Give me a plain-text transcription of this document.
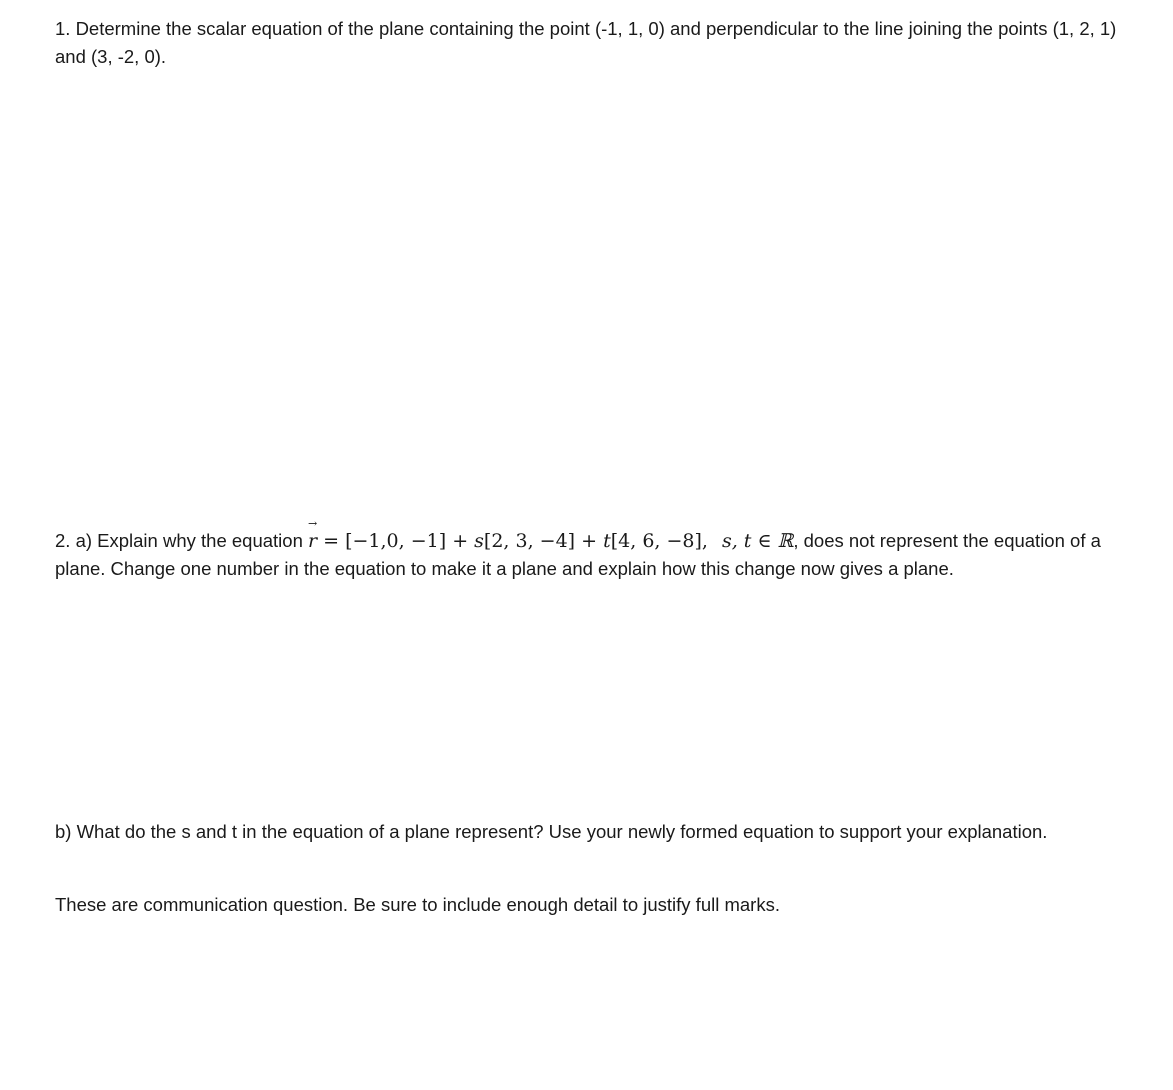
1. Determine the scalar equation of the plane containing the point (-1, 1, 0) and perpendicular to the line joining the points (1, 2, 1) and (3, -2, 0).
2. a) Explain why the equation r
→
= [−1,0, −1] + s[2, 3, −4] + t[4, 6, −8], s, t ∈ ℝ, does not represent the equation of a plane. Change one number in the equation to make it a plane and explain how this change now gives a plane.
b) What do the s and t in the equation of a plane represent? Use your newly formed equation to support your explanation.
These are communication question. Be sure to include enough detail to justify full marks.
